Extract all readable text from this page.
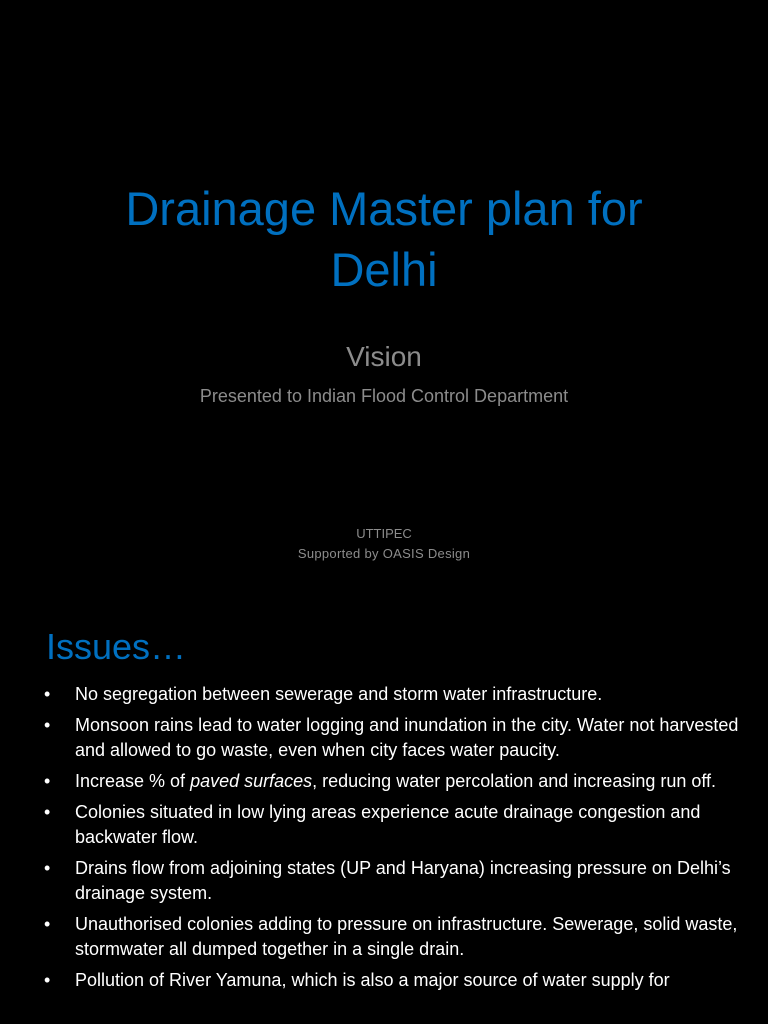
Drainage Master plan for
Delhi
Vision
Presented to Indian Flood Control Department
UTTIPEC
Supported by OASIS Design
Issues…
• No segregation between sewerage and storm water infrastructure.
• Monsoon rains lead to water logging and inundation in the city. Water not harvested and allowed to go waste, even when city faces water paucity.
• Increase % of paved surfaces, reducing water percolation and increasing run off.
• Colonies situated in low lying areas experience acute drainage congestion and backwater flow.
• Drains flow from adjoining states (UP and Haryana) increasing pressure on Delhi’s drainage system.
• Unauthorised colonies adding to pressure on infrastructure. Sewerage, solid waste, stormwater all dumped together in a single drain.
• Pollution of River Yamuna, which is also a major source of water supply for
